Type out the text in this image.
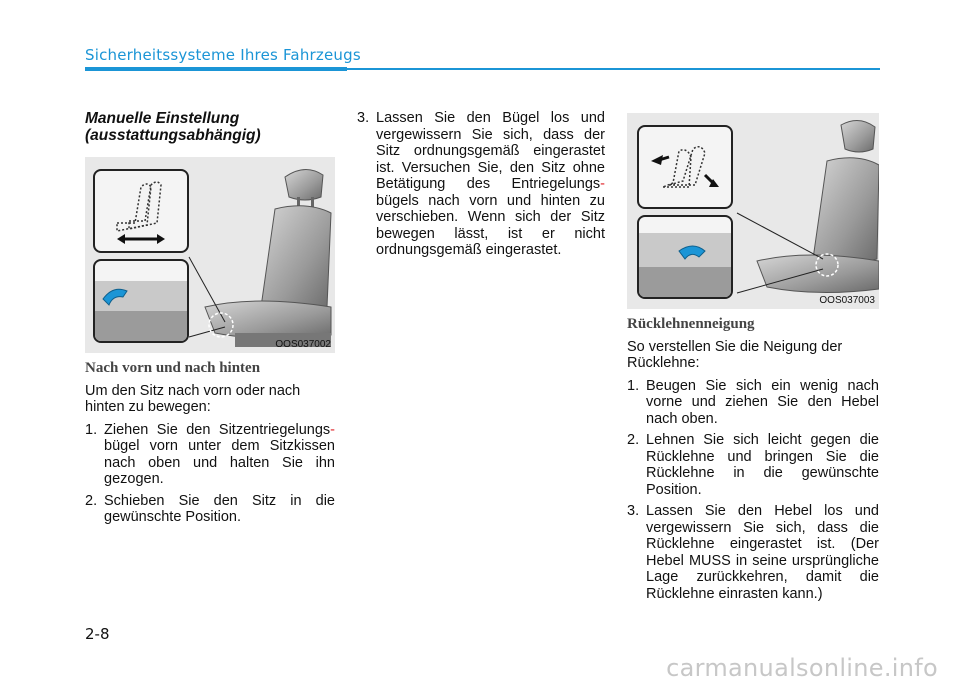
Sicherheitssysteme Ihres Fahrzeugs
Manuelle Einstellung
(ausstattungsabhängig)
OOS037002
Nach vorn und nach hinten

Um den Sitz nach vorn oder nach hinten zu bewegen:

1. Ziehen Sie den Sitzentriegelungs- bügel vorn unter dem Sitzkissen nach oben und halten Sie ihn gezogen.
2. Schieben Sie den Sitz in die gewünschte Position.
3. Lassen Sie den Bügel los und vergewissern Sie sich, dass der Sitz ordnungsgemäß eingerastet ist. Versuchen Sie, den Sitz ohne Betätigung des Entriegelungs- bügels nach vorn und hinten zu verschieben. Wenn sich der Sitz bewegen lässt, ist er nicht ordnungsgemäß eingerastet.
OOS037003
Rücklehnenneigung

So verstellen Sie die Neigung der Rücklehne:

1. Beugen Sie sich ein wenig nach vorne und ziehen Sie den Hebel nach oben.
2. Lehnen Sie sich leicht gegen die Rücklehne und bringen Sie die Rücklehne in die gewünschte Position.
3. Lassen Sie den Hebel los und vergewissern Sie sich, dass die Rücklehne eingerastet ist. (Der Hebel MUSS in seine ursprüngliche Lage zurückkehren, damit die Rücklehne einrasten kann.)
2-8
carmanualsonline.info
